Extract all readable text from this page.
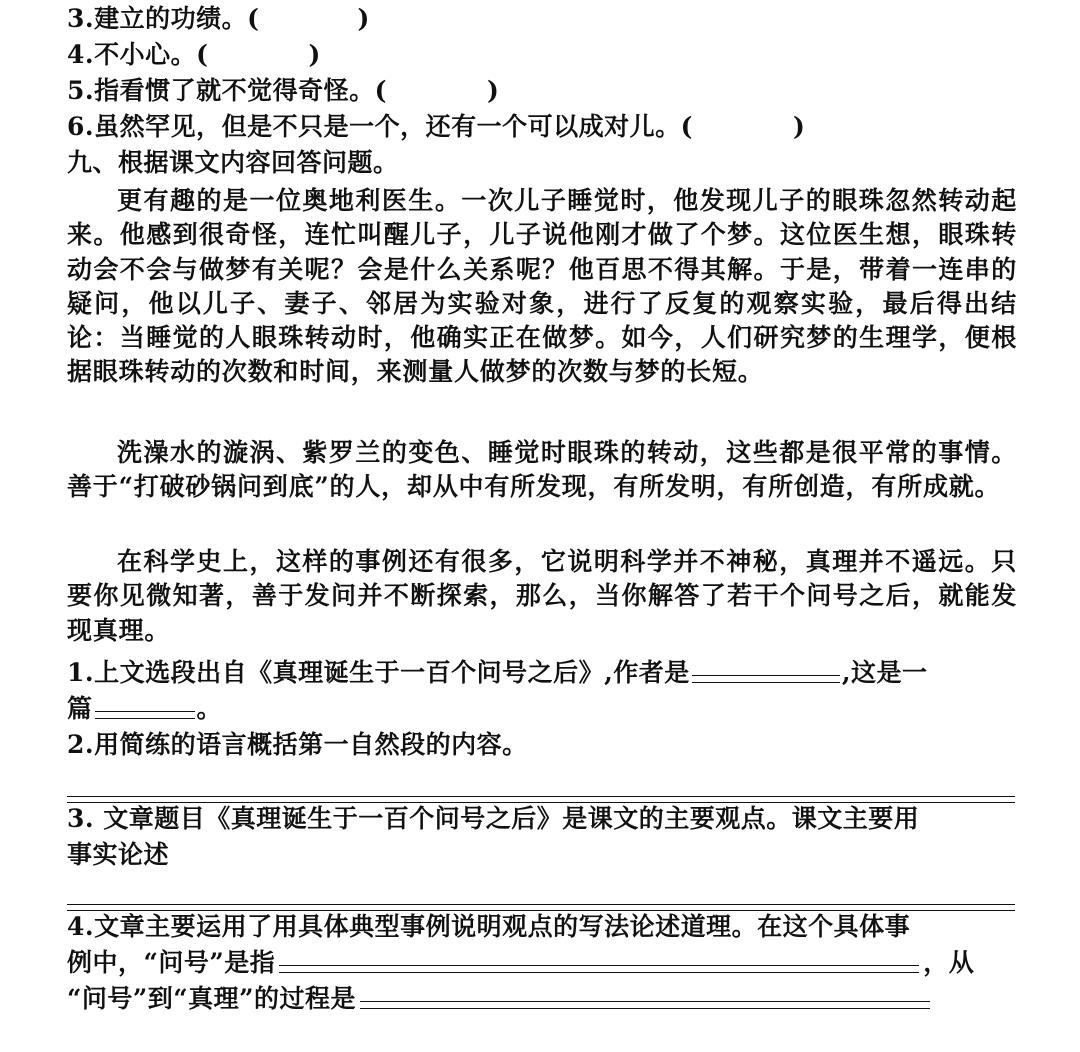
3.建立的功绩。(	)
4.不小心。(	)
5.指看惯了就不觉得奇怪。(	)
6.虽然罕见，但是不只是一个，还有一个可以成对儿。(	)
九、根据课文内容回答问题。
更有趣的是一位奥地利医生。一次儿子睡觉时，他发现儿子的眼珠忽然转动起来。他感到很奇怪，连忙叫醒儿子，儿子说他刚才做了个梦。这位医生想，眼珠转动会不会与做梦有关呢？会是什么关系呢？他百思不得其解。于是，带着一连串的疑问，他以儿子、妻子、邻居为实验对象，进行了反复的观察实验，最后得出结论：当睡觉的人眼珠转动时，他确实正在做梦。如今，人们研究梦的生理学，便根据眼珠转动的次数和时间，来测量人做梦的次数与梦的长短。
洗澡水的漩涡、紫罗兰的变色、睡觉时眼珠的转动，这些都是很平常的事情。善于“打破砂锅问到底”的人，却从中有所发现，有所发明，有所创造，有所成就。
在科学史上，这样的事例还有很多，它说明科学并不神秘，真理并不遥远。只要你见微知著，善于发问并不断探索，那么，当你解答了若干个问号之后，就能发现真理。
1.上文选段出自《真理诞生于一百个问号之后》,作者是	,这是一
篇	。
2.用简练的语言概括第一自然段的内容。
3. 文章题目《真理诞生于一百个问号之后》是课文的主要观点。课文主要用
事实论述
4.文章主要运用了用具体典型事例说明观点的写法论述道理。在这个具体事
例中，“问号”是指	，从
“问号”到“真理”的过程是
